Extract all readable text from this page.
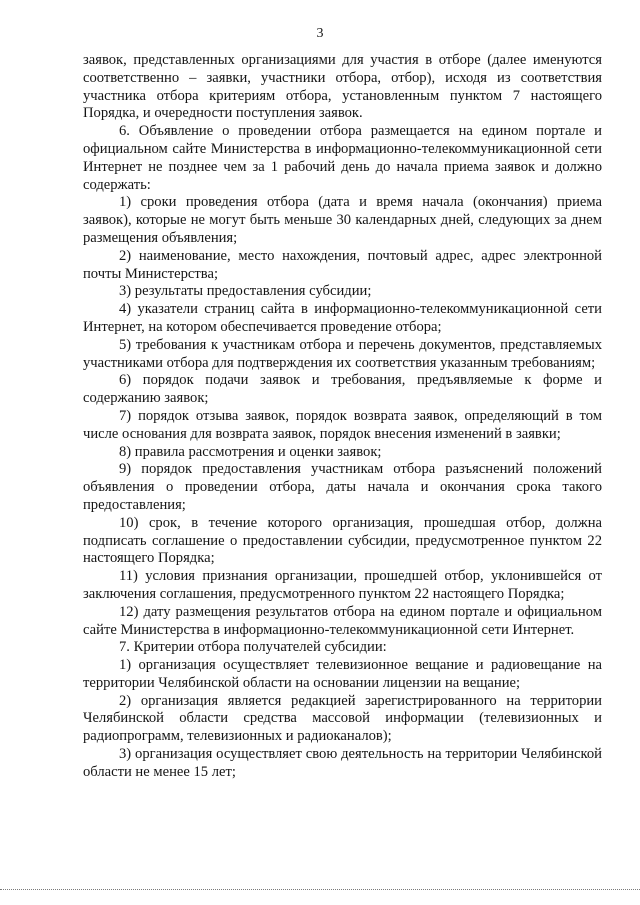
3

заявок, представленных организациями для участия в отборе (далее именуются соответственно – заявки, участники отбора, отбор), исходя из соответствия участника отбора критериям отбора, установленным пунктом 7 настоящего Порядка, и очередности поступления заявок.

6. Объявление о проведении отбора размещается на едином портале и официальном сайте Министерства в информационно-телекоммуникационной сети Интернет не позднее чем за 1 рабочий день до начала приема заявок и должно содержать:

1) сроки проведения отбора (дата и время начала (окончания) приема заявок), которые не могут быть меньше 30 календарных дней, следующих за днем размещения объявления;

2) наименование, место нахождения, почтовый адрес, адрес электронной почты Министерства;

3) результаты предоставления субсидии;

4) указатели страниц сайта в информационно-телекоммуникационной сети Интернет, на котором обеспечивается проведение отбора;

5) требования к участникам отбора и перечень документов, представляемых участниками отбора для подтверждения их соответствия указанным требованиям;

6) порядок подачи заявок и требования, предъявляемые к форме и содержанию заявок;

7) порядок отзыва заявок, порядок возврата заявок, определяющий в том числе основания для возврата заявок, порядок внесения изменений в заявки;

8) правила рассмотрения и оценки заявок;

9) порядок предоставления участникам отбора разъяснений положений объявления о проведении отбора, даты начала и окончания срока такого предоставления;

10) срок, в течение которого организация, прошедшая отбор, должна подписать соглашение о предоставлении субсидии, предусмотренное пунктом 22 настоящего Порядка;

11) условия признания организации, прошедшей отбор, уклонившейся от заключения соглашения, предусмотренного пунктом 22 настоящего Порядка;

12) дату размещения результатов отбора на едином портале и официальном сайте Министерства в информационно-телекоммуникационной сети Интернет.

7. Критерии отбора получателей субсидии:

1) организация осуществляет телевизионное вещание и радиовещание на территории Челябинской области на основании лицензии на вещание;

2) организация является редакцией зарегистрированного на территории Челябинской области средства массовой информации (телевизионных и радиопрограмм, телевизионных и радиоканалов);

3) организация осуществляет свою деятельность на территории Челябинской области не менее 15 лет;
